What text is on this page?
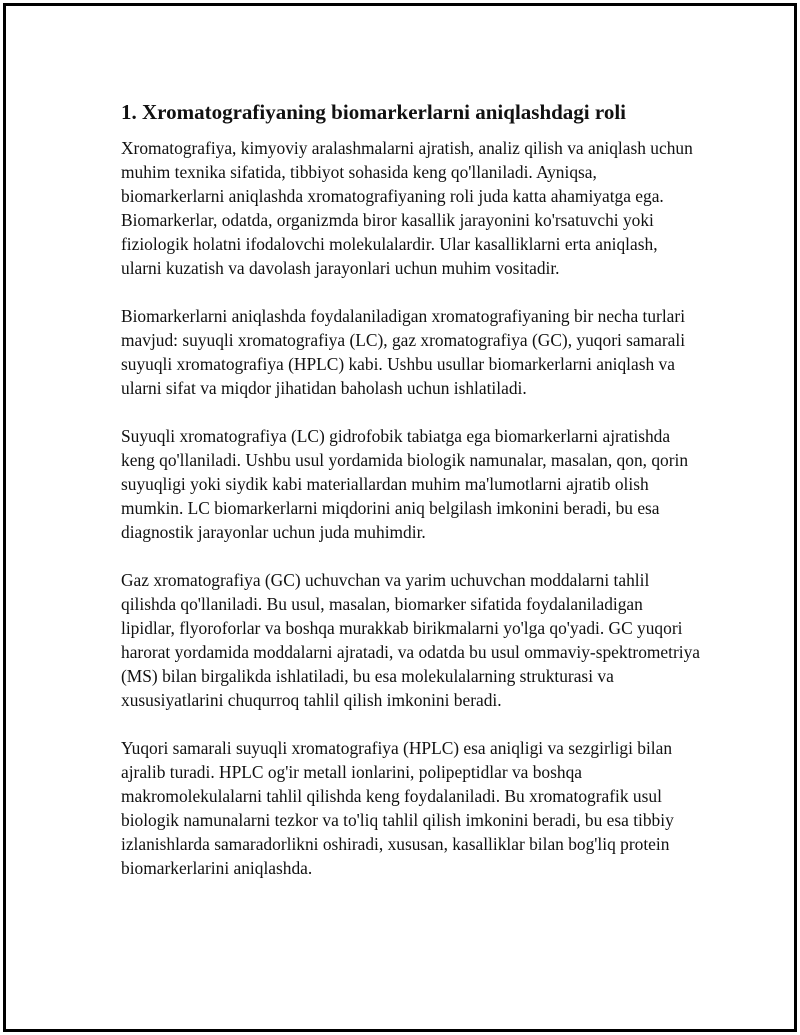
1. Xromatografiyaning biomarkerlarni aniqlashdagi roli

Xromatografiya, kimyoviy aralashmalarni ajratish, analiz qilish va aniqlash uchun muhim texnika sifatida, tibbiyot sohasida keng qo'llaniladi. Ayniqsa, biomarkerlarni aniqlashda xromatografiyaning roli juda katta ahamiyatga ega. Biomarkerlar, odatda, organizmda biror kasallik jarayonini ko'rsatuvchi yoki fiziologik holatni ifodalovchi molekulalardir. Ular kasalliklarni erta aniqlash, ularni kuzatish va davolash jarayonlari uchun muhim vositadir.

Biomarkerlarni aniqlashda foydalaniladigan xromatografiyaning bir necha turlari mavjud: suyuqli xromatografiya (LC), gaz xromatografiya (GC), yuqori samarali suyuqli xromatografiya (HPLC) kabi. Ushbu usullar biomarkerlarni aniqlash va ularni sifat va miqdor jihatidan baholash uchun ishlatiladi.

Suyuqli xromatografiya (LC) gidrofobik tabiatga ega biomarkerlarni ajratishda keng qo'llaniladi. Ushbu usul yordamida biologik namunalar, masalan, qon, qorin suyuqligi yoki siydik kabi materiallardan muhim ma'lumotlarni ajratib olish mumkin. LC biomarkerlarni miqdorini aniq belgilash imkonini beradi, bu esa diagnostik jarayonlar uchun juda muhimdir.

Gaz xromatografiya (GC) uchuvchan va yarim uchuvchan moddalarni tahlil qilishda qo'llaniladi. Bu usul, masalan, biomarker sifatida foydalaniladigan lipidlar, flyoroforlar va boshqa murakkab birikmalarni yo'lga qo'yadi. GC yuqori harorat yordamida moddalarni ajratadi, va odatda bu usul ommaviy-spektrometriya (MS) bilan birgalikda ishlatiladi, bu esa molekulalarning strukturasi va xususiyatlarini chuqurroq tahlil qilish imkonini beradi.

Yuqori samarali suyuqli xromatografiya (HPLC) esa aniqligi va sezgirligi bilan ajralib turadi. HPLC og'ir metall ionlarini, polipeptidlar va boshqa makromolekulalarni tahlil qilishda keng foydalaniladi. Bu xromatografik usul biologik namunalarni tezkor va to'liq tahlil qilish imkonini beradi, bu esa tibbiy izlanishlarda samaradorlikni oshiradi, xususan, kasalliklar bilan bog'liq protein biomarkerlarini aniqlashda.
